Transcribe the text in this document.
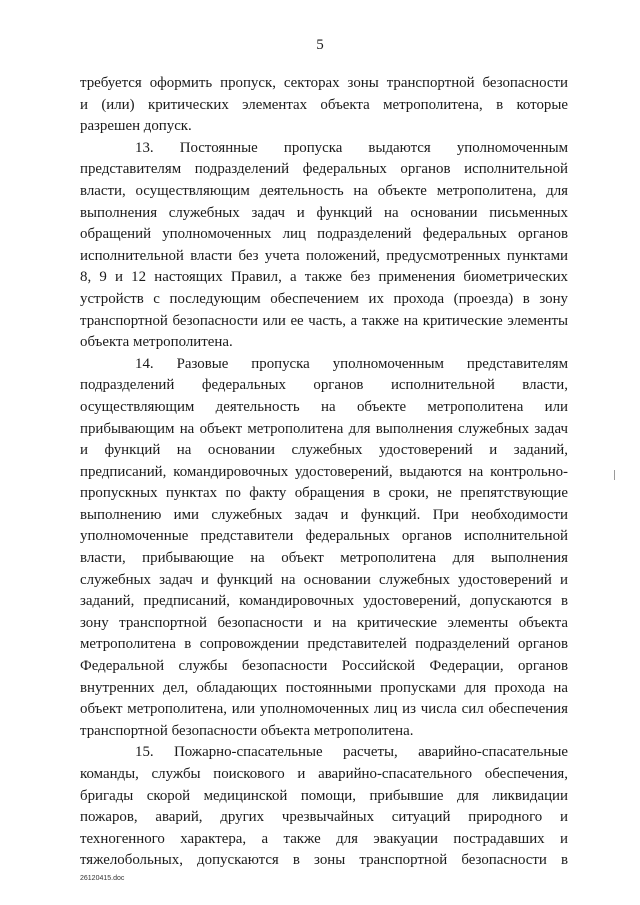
5
требуется оформить пропуск, секторах зоны транспортной безопасности
и (или) критических элементах объекта метрополитена, в которые
разрешен допуск.
13. Постоянные пропуска выдаются уполномоченным
представителям подразделений федеральных органов исполнительной
власти, осуществляющим деятельность на объекте метрополитена, для
выполнения служебных задач и функций на основании письменных
обращений уполномоченных лиц подразделений федеральных органов
исполнительной власти без учета положений, предусмотренных пунктами
8, 9 и 12 настоящих Правил, а также без применения биометрических
устройств с последующим обеспечением их прохода (проезда) в зону
транспортной безопасности или ее часть, а также на критические элементы
объекта метрополитена.
14. Разовые пропуска уполномоченным представителям
подразделений федеральных органов исполнительной власти,
осуществляющим деятельность на объекте метрополитена или
прибывающим на объект метрополитена для выполнения служебных задач
и функций на основании служебных удостоверений и заданий,
предписаний, командировочных удостоверений, выдаются на контрольно-
пропускных пунктах по факту обращения в сроки, не препятствующие
выполнению ими служебных задач и функций. При необходимости
уполномоченные представители федеральных органов исполнительной
власти, прибывающие на объект метрополитена для выполнения
служебных задач и функций на основании служебных удостоверений и
заданий, предписаний, командировочных удостоверений, допускаются в
зону транспортной безопасности и на критические элементы объекта
метрополитена в сопровождении представителей подразделений органов
Федеральной службы безопасности Российской Федерации, органов
внутренних дел, обладающих постоянными пропусками для прохода на
объект метрополитена, или уполномоченных лиц из числа сил обеспечения
транспортной безопасности объекта метрополитена.
15. Пожарно-спасательные расчеты, аварийно-спасательные
команды, службы поискового и аварийно-спасательного обеспечения,
бригады скорой медицинской помощи, прибывшие для ликвидации
пожаров, аварий, других чрезвычайных ситуаций природного и
техногенного характера, а также для эвакуации пострадавших и
тяжелобольных, допускаются в зоны транспортной безопасности в
26120415.doc
